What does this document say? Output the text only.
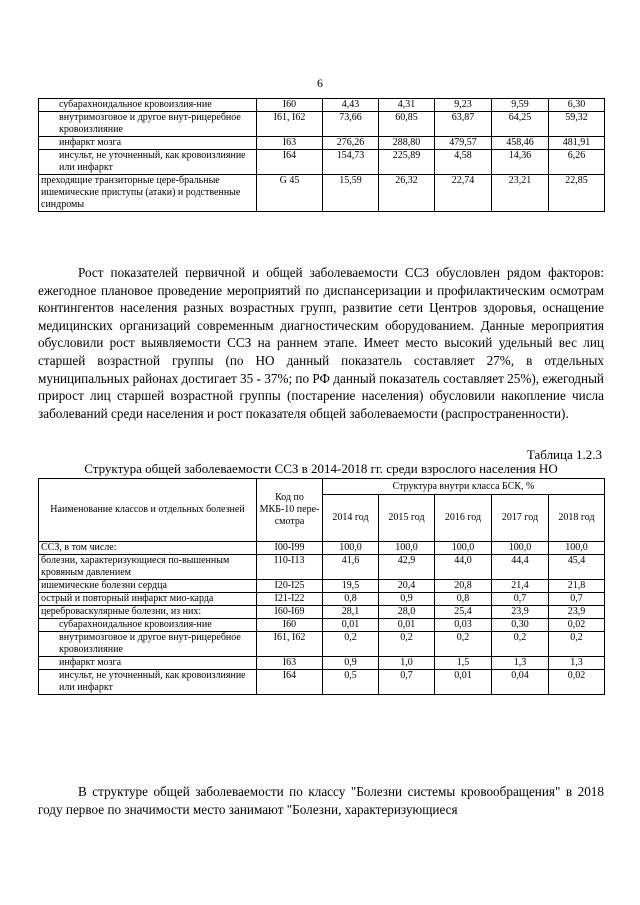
6
субарахноидальное кровоизлия-ние	I60	4,43	4,31	9,23	9,59	6,30
внутримозговое и другое внут-рицеребное кровоизлияние	I61, I62	73,66	60,85	63,87	64,25	59,32
инфаркт мозга	I63	276,26	288,80	479,57	458,46	481,91
инсульт, не уточненный, как кровоизлияние или инфаркт	I64	154,73	225,89	4,58	14,36	6,26
преходящие транзиторные цере-бральные ишемические приступы (атаки) и родственные синдромы	G 45	15,59	26,32	22,74	23,21	22,85

Рост показателей первичной и общей заболеваемости ССЗ обусловлен рядом факторов: ежегодное плановое проведение мероприятий по диспансеризации и профилактическим осмотрам контингентов населения разных возрастных групп, развитие сети Центров здоровья, оснащение медицинских организаций современным диагностическим оборудованием. Данные мероприятия обусловили рост выявляемости ССЗ на раннем этапе. Имеет место высокий удельный вес лиц старшей возрастной группы (по НО данный показатель составляет 27%, в отдельных муниципальных районах достигает 35 - 37%; по РФ данный показатель составляет 25%), ежегодный прирост лиц старшей возрастной группы (постарение населения) обусловили накопление числа заболеваний среди населения и рост показателя общей заболеваемости (распространенности).

Таблица 1.2.3
Структура общей заболеваемости ССЗ в 2014-2018 гг. среди взрослого населения НО
Наименование классов и отдельных болезней	Код по МКБ-10 пере-смотра	Структура внутри класса БСК, %				
		2014 год	2015 год	2016 год	2017 год	2018 год
ССЗ, в том числе:	I00-I99	100,0	100,0	100,0	100,0	100,0
болезни, характеризующиеся по-вышенным кровяным давлением	I10-I13	41,6	42,9	44,0	44,4	45,4
ишемические болезни сердца	I20-I25	19,5	20,4	20,8	21,4	21,8
острый и повторный инфаркт мио-карда	I21-I22	0,8	0,9	0,8	0,7	0,7
цереброваскулярные болезни, из них:	I60-I69	28,1	28,0	25,4	23,9	23,9
субарахноидальное кровоизлия-ние	I60	0,01	0,01	0,03	0,30	0,02
внутримозговое и другое внут-рицеребное кровоизлияние	I61, I62	0,2	0,2	0,2	0,2	0,2
инфаркт мозга	I63	0,9	1,0	1,5	1,3	1,3
инсульт, не уточненный, как кровоизлияние или инфаркт	I64	0,5	0,7	0,01	0,04	0,02

В структуре общей заболеваемости по классу "Болезни системы кровообращения" в 2018 году первое по значимости место занимают "Болезни, характеризующиеся
